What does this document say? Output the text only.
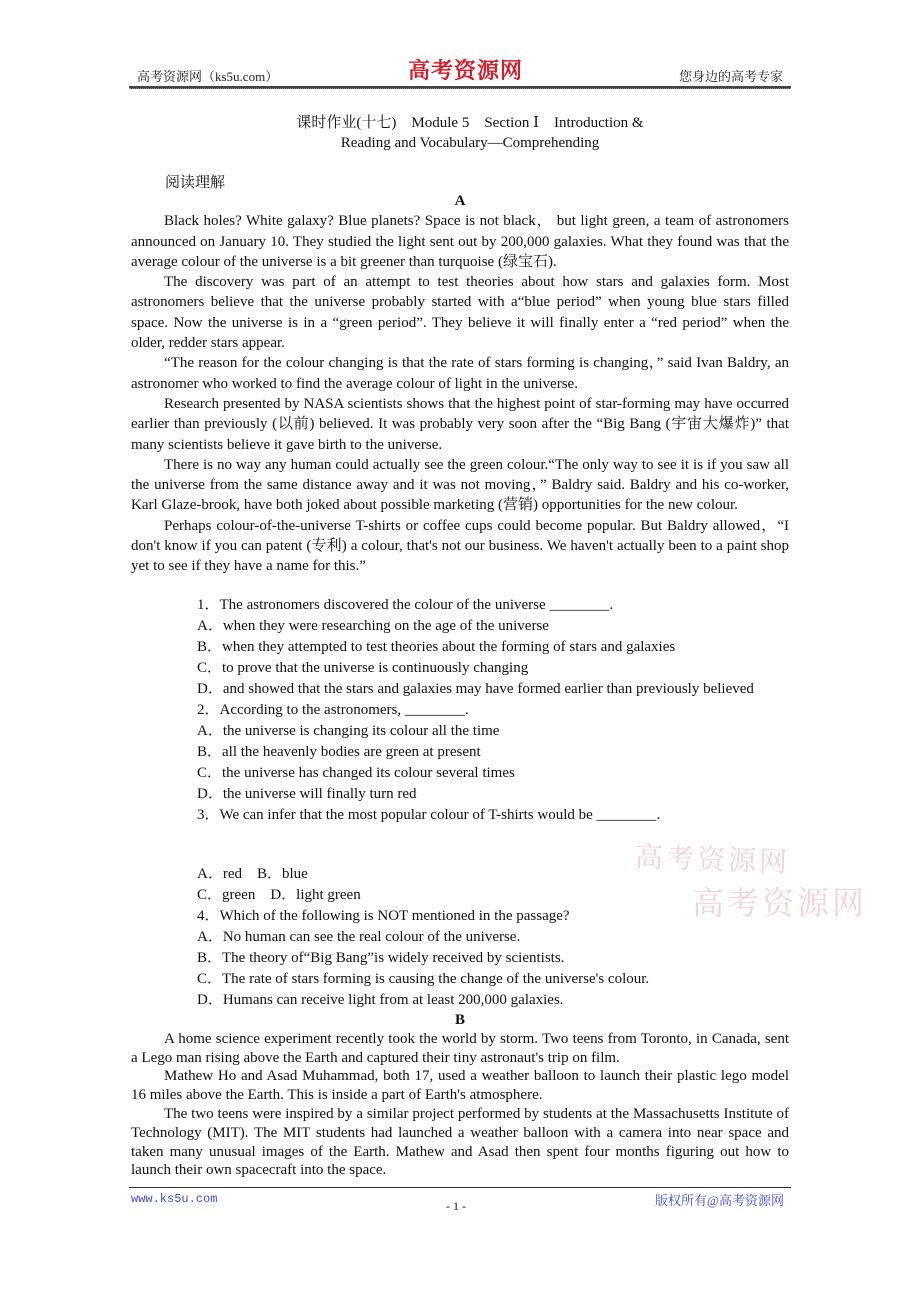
高考资源网（ks5u.com）	高考资源网	您身边的高考专家
课时作业(十七)　Module 5　Section Ⅰ　Introduction &
Reading and Vocabulary—Comprehending
阅读理解

A

Black holes? White galaxy? Blue planets? Space is not black， but light green, a team of astronomers announced on January 10. They studied the light sent out by 200,000 galaxies. What they found was that the average colour of the universe is a bit greener than turquoise (绿宝石).

The discovery was part of an attempt to test theories about how stars and galaxies form. Most astronomers believe that the universe probably started with a“blue period” when young blue stars filled space. Now the universe is in a “green period”. They believe it will finally enter a “red period” when the older, redder stars appear.

“The reason for the colour changing is that the rate of stars forming is changing，” said Ivan Baldry, an astronomer who worked to find the average colour of light in the universe.

Research presented by NASA scientists shows that the highest point of star-forming may have occurred earlier than previously (以前) believed. It was probably very soon after the “Big Bang (宇宙大爆炸)” that many scientists believe it gave birth to the universe.

There is no way any human could actually see the green colour.“The only way to see it is if you saw all the universe from the same distance away and it was not moving，” Baldry said. Baldry and his co-worker, Karl Glaze-brook, have both joked about possible marketing (营销) opportunities for the new colour.

Perhaps colour-of-the-universe T-shirts or coffee cups could become popular. But Baldry allowed，“I don't know if you can patent (专利) a colour, that's not our business. We haven't actually been to a paint shop yet to see if they have a name for this.”

1．The astronomers discovered the colour of the universe ________.

A．when they were researching on the age of the universe

B．when they attempted to test theories about the forming of stars and galaxies

C．to prove that the universe is continuously changing

D．and showed that the stars and galaxies may have formed earlier than previously believed

2．According to the astronomers, ________.

A．the universe is changing its colour all the time

B．all the heavenly bodies are green at present

C．the universe has changed its colour several times

D．the universe will finally turn red

3．We can infer that the most popular colour of T-shirts would be ________.

高考资源网
高考资源网

A．red　B．blue

C．green　D．light green

4．Which of the following is NOT mentioned in the passage?

A．No human can see the real colour of the universe.

B．The theory of“Big Bang”is widely received by scientists.

C．The rate of stars forming is causing the change of the universe's colour.

D．Humans can receive light from at least 200,000 galaxies.

B

A home science experiment recently took the world by storm. Two teens from Toronto, in Canada, sent a Lego man rising above the Earth and captured their tiny astronaut's trip on film.

Mathew Ho and Asad Muhammad, both 17, used a weather balloon to launch their plastic lego model 16 miles above the Earth. This is inside a part of Earth's atmosphere.

The two teens were inspired by a similar project performed by students at the Massachusetts Institute of Technology (MIT). The MIT students had launched a weather balloon with a camera into near space and taken many unusual images of the Earth. Mathew and Asad then spent four months figuring out how to launch their own spacecraft into the space.

www.ks5u.com	- 1 -	版权所有@高考资源网
